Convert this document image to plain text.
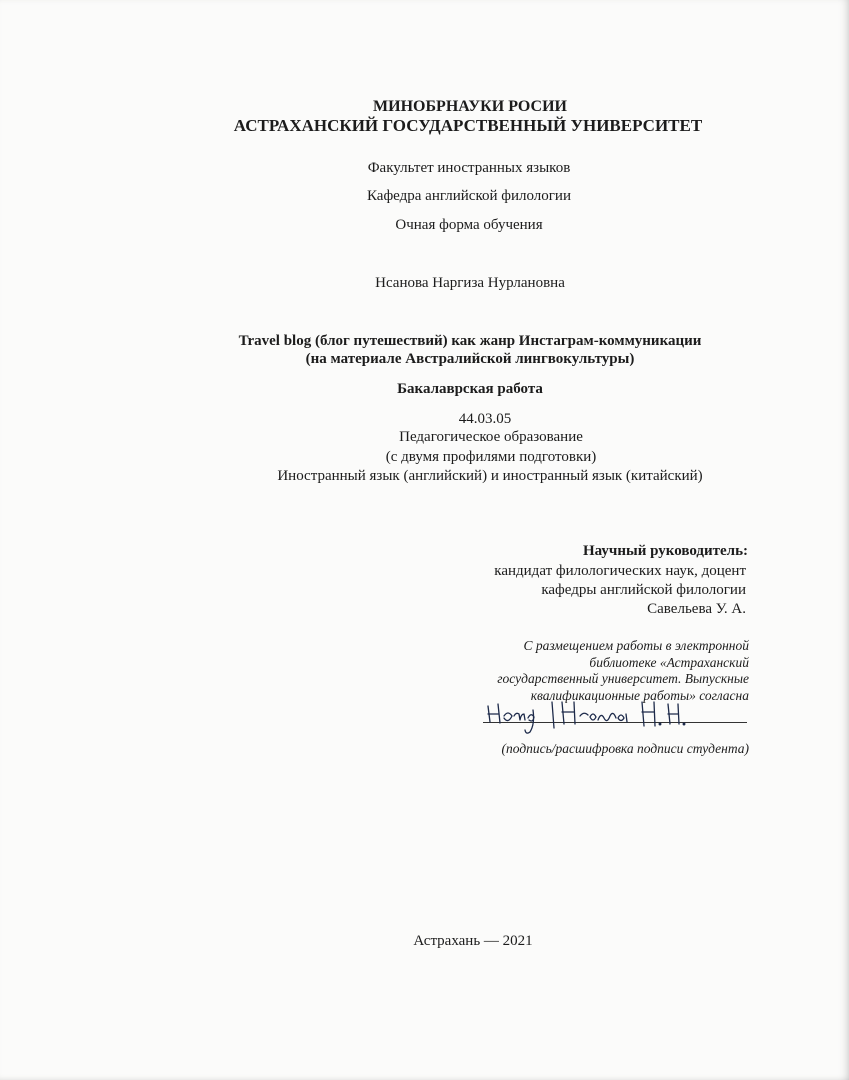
МИНОБРНАУКИ РОСИИ
АСТРАХАНСКИЙ ГОСУДАРСТВЕННЫЙ УНИВЕРСИТЕТ
Факультет иностранных языков
Кафедра английской филологии
Очная форма обучения
Нсанова Наргиза Нурлановна
Travel blog (блог путешествий) как жанр Инстаграм-коммуникации
(на материале Австралийской лингвокультуры)
Бакалаврская работа
44.03.05
Педагогическое образование
(с двумя профилями подготовки)
Иностранный язык (английский) и иностранный язык (китайский)
Научный руководитель:
кандидат филологических наук, доцент
кафедры английской филологии
Савельева У. А.
С размещением работы в электронной
библиотеке «Астраханский
государственный университет. Выпускные
квалификационные работы» согласна
(подпись/расшифровка подписи студента)
Астрахань — 2021
